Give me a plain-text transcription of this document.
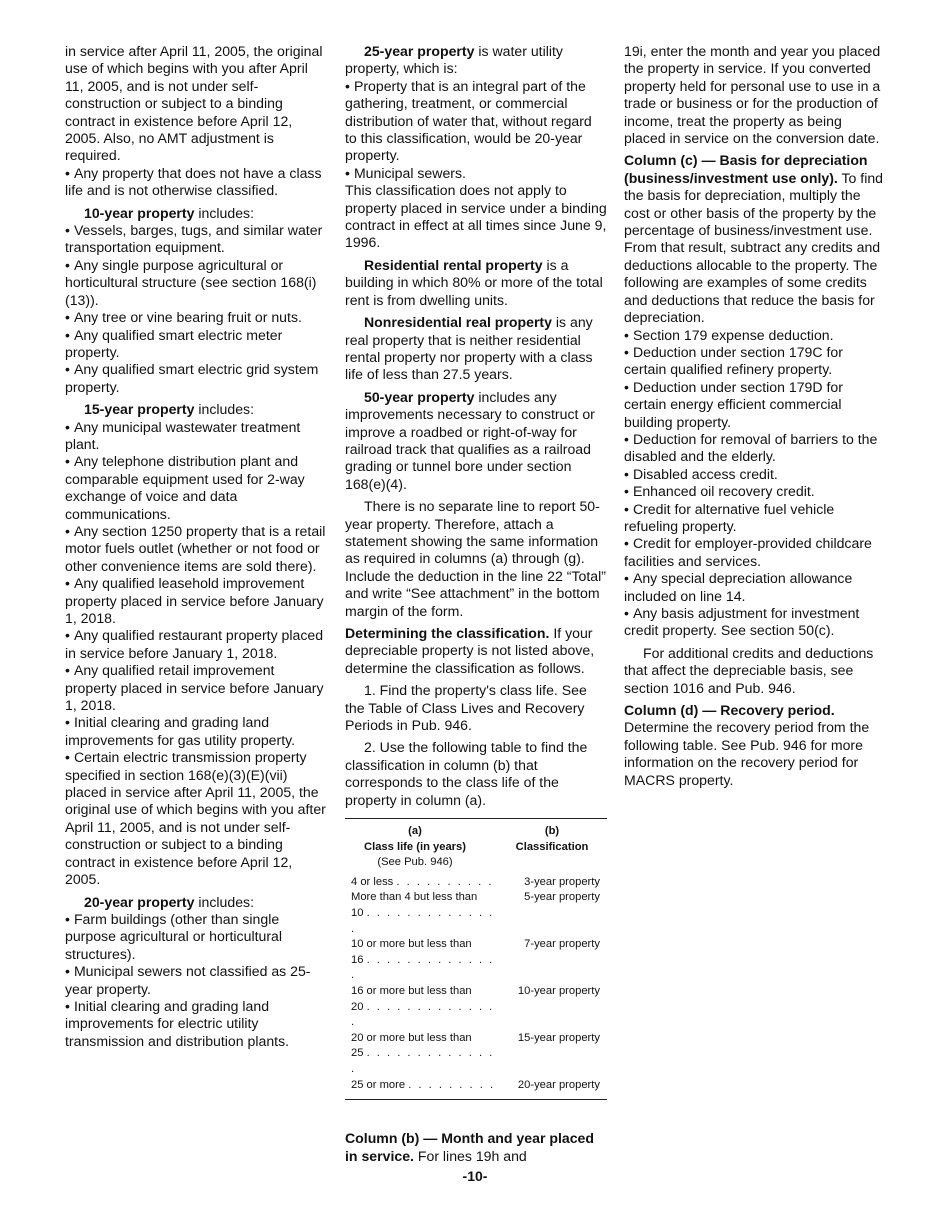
in service after April 11, 2005, the original use of which begins with you after April 11, 2005, and is not under self-construction or subject to a binding contract in existence before April 12, 2005. Also, no AMT adjustment is required.

• Any property that does not have a class life and is not otherwise classified.

10-year property includes:

• Vessels, barges, tugs, and similar water transportation equipment.

• Any single purpose agricultural or horticultural structure (see section 168(i)(13)).

• Any tree or vine bearing fruit or nuts.

• Any qualified smart electric meter property.

• Any qualified smart electric grid system property.

15-year property includes:

• Any municipal wastewater treatment plant.

• Any telephone distribution plant and comparable equipment used for 2-way exchange of voice and data communications.

• Any section 1250 property that is a retail motor fuels outlet (whether or not food or other convenience items are sold there).

• Any qualified leasehold improvement property placed in service before January 1, 2018.

• Any qualified restaurant property placed in service before January 1, 2018.

• Any qualified retail improvement property placed in service before January 1, 2018.

• Initial clearing and grading land improvements for gas utility property.

• Certain electric transmission property specified in section 168(e)(3)(E)(vii) placed in service after April 11, 2005, the original use of which begins with you after April 11, 2005, and is not under self-construction or subject to a binding contract in existence before April 12, 2005.

20-year property includes:

• Farm buildings (other than single purpose agricultural or horticultural structures).

• Municipal sewers not classified as 25-year property.

• Initial clearing and grading land improvements for electric utility transmission and distribution plants.

25-year property is water utility property, which is:

• Property that is an integral part of the gathering, treatment, or commercial distribution of water that, without regard to this classification, would be 20-year property.

• Municipal sewers.

This classification does not apply to property placed in service under a binding contract in effect at all times since June 9, 1996.

Residential rental property is a building in which 80% or more of the total rent is from dwelling units.

Nonresidential real property is any real property that is neither residential rental property nor property with a class life of less than 27.5 years.

50-year property includes any improvements necessary to construct or improve a roadbed or right-of-way for railroad track that qualifies as a railroad grading or tunnel bore under section 168(e)(4).

There is no separate line to report 50-year property. Therefore, attach a statement showing the same information as required in columns (a) through (g). Include the deduction in the line 22 “Total” and write “See attachment” in the bottom margin of the form.

Determining the classification. If your depreciable property is not listed above, determine the classification as follows.

1. Find the property's class life. See the Table of Class Lives and Recovery Periods in Pub. 946.

2. Use the following table to find the classification in column (b) that corresponds to the class life of the property in column (a).

(a)
Class life (in years)
(See Pub. 946)
(b)
Classification
4 or less . . . . . . . . . .	3-year property
More than 4 but less than
10 . . . . . . . . . . . . . .
5-year property
10 or more but less than
16 . . . . . . . . . . . . . .
7-year property
16 or more but less than
20 . . . . . . . . . . . . . .
10-year property
20 or more but less than
25 . . . . . . . . . . . . . .
15-year property
25 or more . . . . . . . . .	20-year property

Column (b) — Month and year placed in service. For lines 19h and

19i, enter the month and year you placed the property in service. If you converted property held for personal use to use in a trade or business or for the production of income, treat the property as being placed in service on the conversion date.

Column (c) — Basis for depreciation (business/investment use only). To find the basis for depreciation, multiply the cost or other basis of the property by the percentage of business/investment use. From that result, subtract any credits and deductions allocable to the property. The following are examples of some credits and deductions that reduce the basis for depreciation.

• Section 179 expense deduction.

• Deduction under section 179C for certain qualified refinery property.

• Deduction under section 179D for certain energy efficient commercial building property.

• Deduction for removal of barriers to the disabled and the elderly.

• Disabled access credit.

• Enhanced oil recovery credit.

• Credit for alternative fuel vehicle refueling property.

• Credit for employer-provided childcare facilities and services.

• Any special depreciation allowance included on line 14.

• Any basis adjustment for investment credit property. See section 50(c).

For additional credits and deductions that affect the depreciable basis, see section 1016 and Pub. 946.

Column (d) — Recovery period.
Determine the recovery period from the following table. See Pub. 946 for more information on the recovery period for MACRS property.

-10-
